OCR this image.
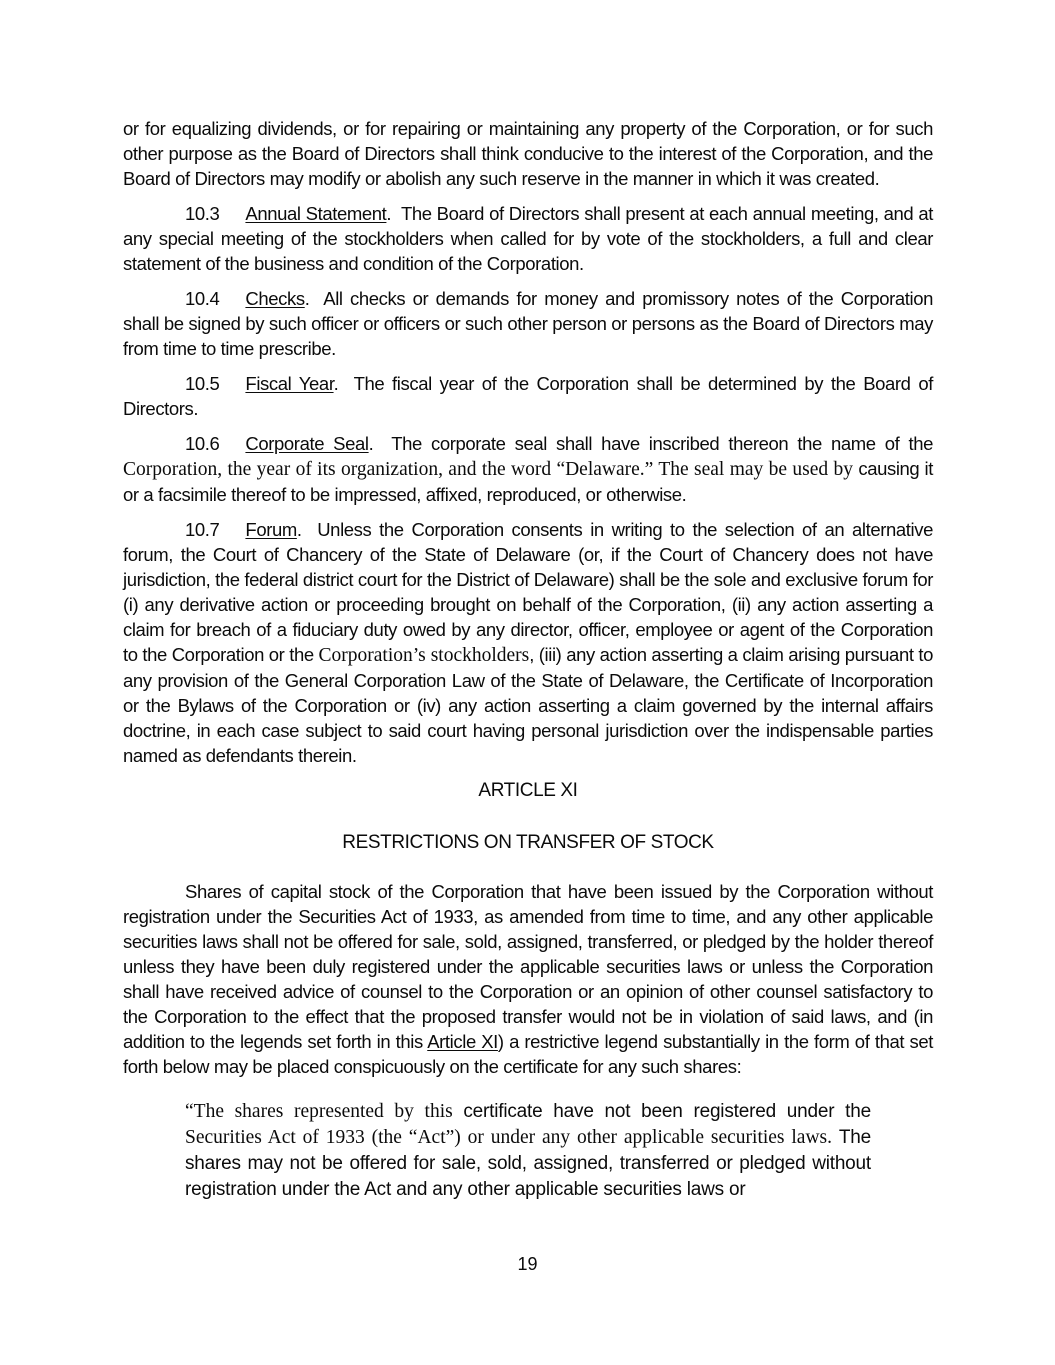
or for equalizing dividends, or for repairing or maintaining any property of the Corporation, or for such other purpose as the Board of Directors shall think conducive to the interest of the Corporation, and the Board of Directors may modify or abolish any such reserve in the manner in which it was created.

10.3 Annual Statement.  The Board of Directors shall present at each annual meeting, and at any special meeting of the stockholders when called for by vote of the stockholders, a full and clear statement of the business and condition of the Corporation.

10.4 Checks.  All checks or demands for money and promissory notes of the Corporation shall be signed by such officer or officers or such other person or persons as the Board of Directors may from time to time prescribe.

10.5 Fiscal Year.  The fiscal year of the Corporation shall be determined by the Board of Directors.

10.6 Corporate Seal.  The corporate seal shall have inscribed thereon the name of the Corporation, the year of its organization, and the word “Delaware.” The seal may be used by causing it or a facsimile thereof to be impressed, affixed, reproduced, or otherwise.

10.7 Forum.  Unless the Corporation consents in writing to the selection of an alternative forum, the Court of Chancery of the State of Delaware (or, if the Court of Chancery does not have jurisdiction, the federal district court for the District of Delaware) shall be the sole and exclusive forum for (i) any derivative action or proceeding brought on behalf of the Corporation, (ii) any action asserting a claim for breach of a fiduciary duty owed by any director, officer, employee or agent of the Corporation to the Corporation or the Corporation’s stockholders, (iii) any action asserting a claim arising pursuant to any provision of the General Corporation Law of the State of Delaware, the Certificate of Incorporation or the Bylaws of the Corporation or (iv) any action asserting a claim governed by the internal affairs doctrine, in each case subject to said court having personal jurisdiction over the indispensable parties named as defendants therein.

ARTICLE XI

RESTRICTIONS ON TRANSFER OF STOCK

Shares of capital stock of the Corporation that have been issued by the Corporation without registration under the Securities Act of 1933, as amended from time to time, and any other applicable securities laws shall not be offered for sale, sold, assigned, transferred, or pledged by the holder thereof unless they have been duly registered under the applicable securities laws or unless the Corporation shall have received advice of counsel to the Corporation or an opinion of other counsel satisfactory to the Corporation to the effect that the proposed transfer would not be in violation of said laws, and (in addition to the legends set forth in this Article XI) a restrictive legend substantially in the form of that set forth below may be placed conspicuously on the certificate for any such shares:

“The shares represented by this certificate have not been registered under the Securities Act of 1933 (the “Act”) or under any other applicable securities laws. The shares may not be offered for sale, sold, assigned, transferred or pledged without registration under the Act and any other applicable securities laws or

19
